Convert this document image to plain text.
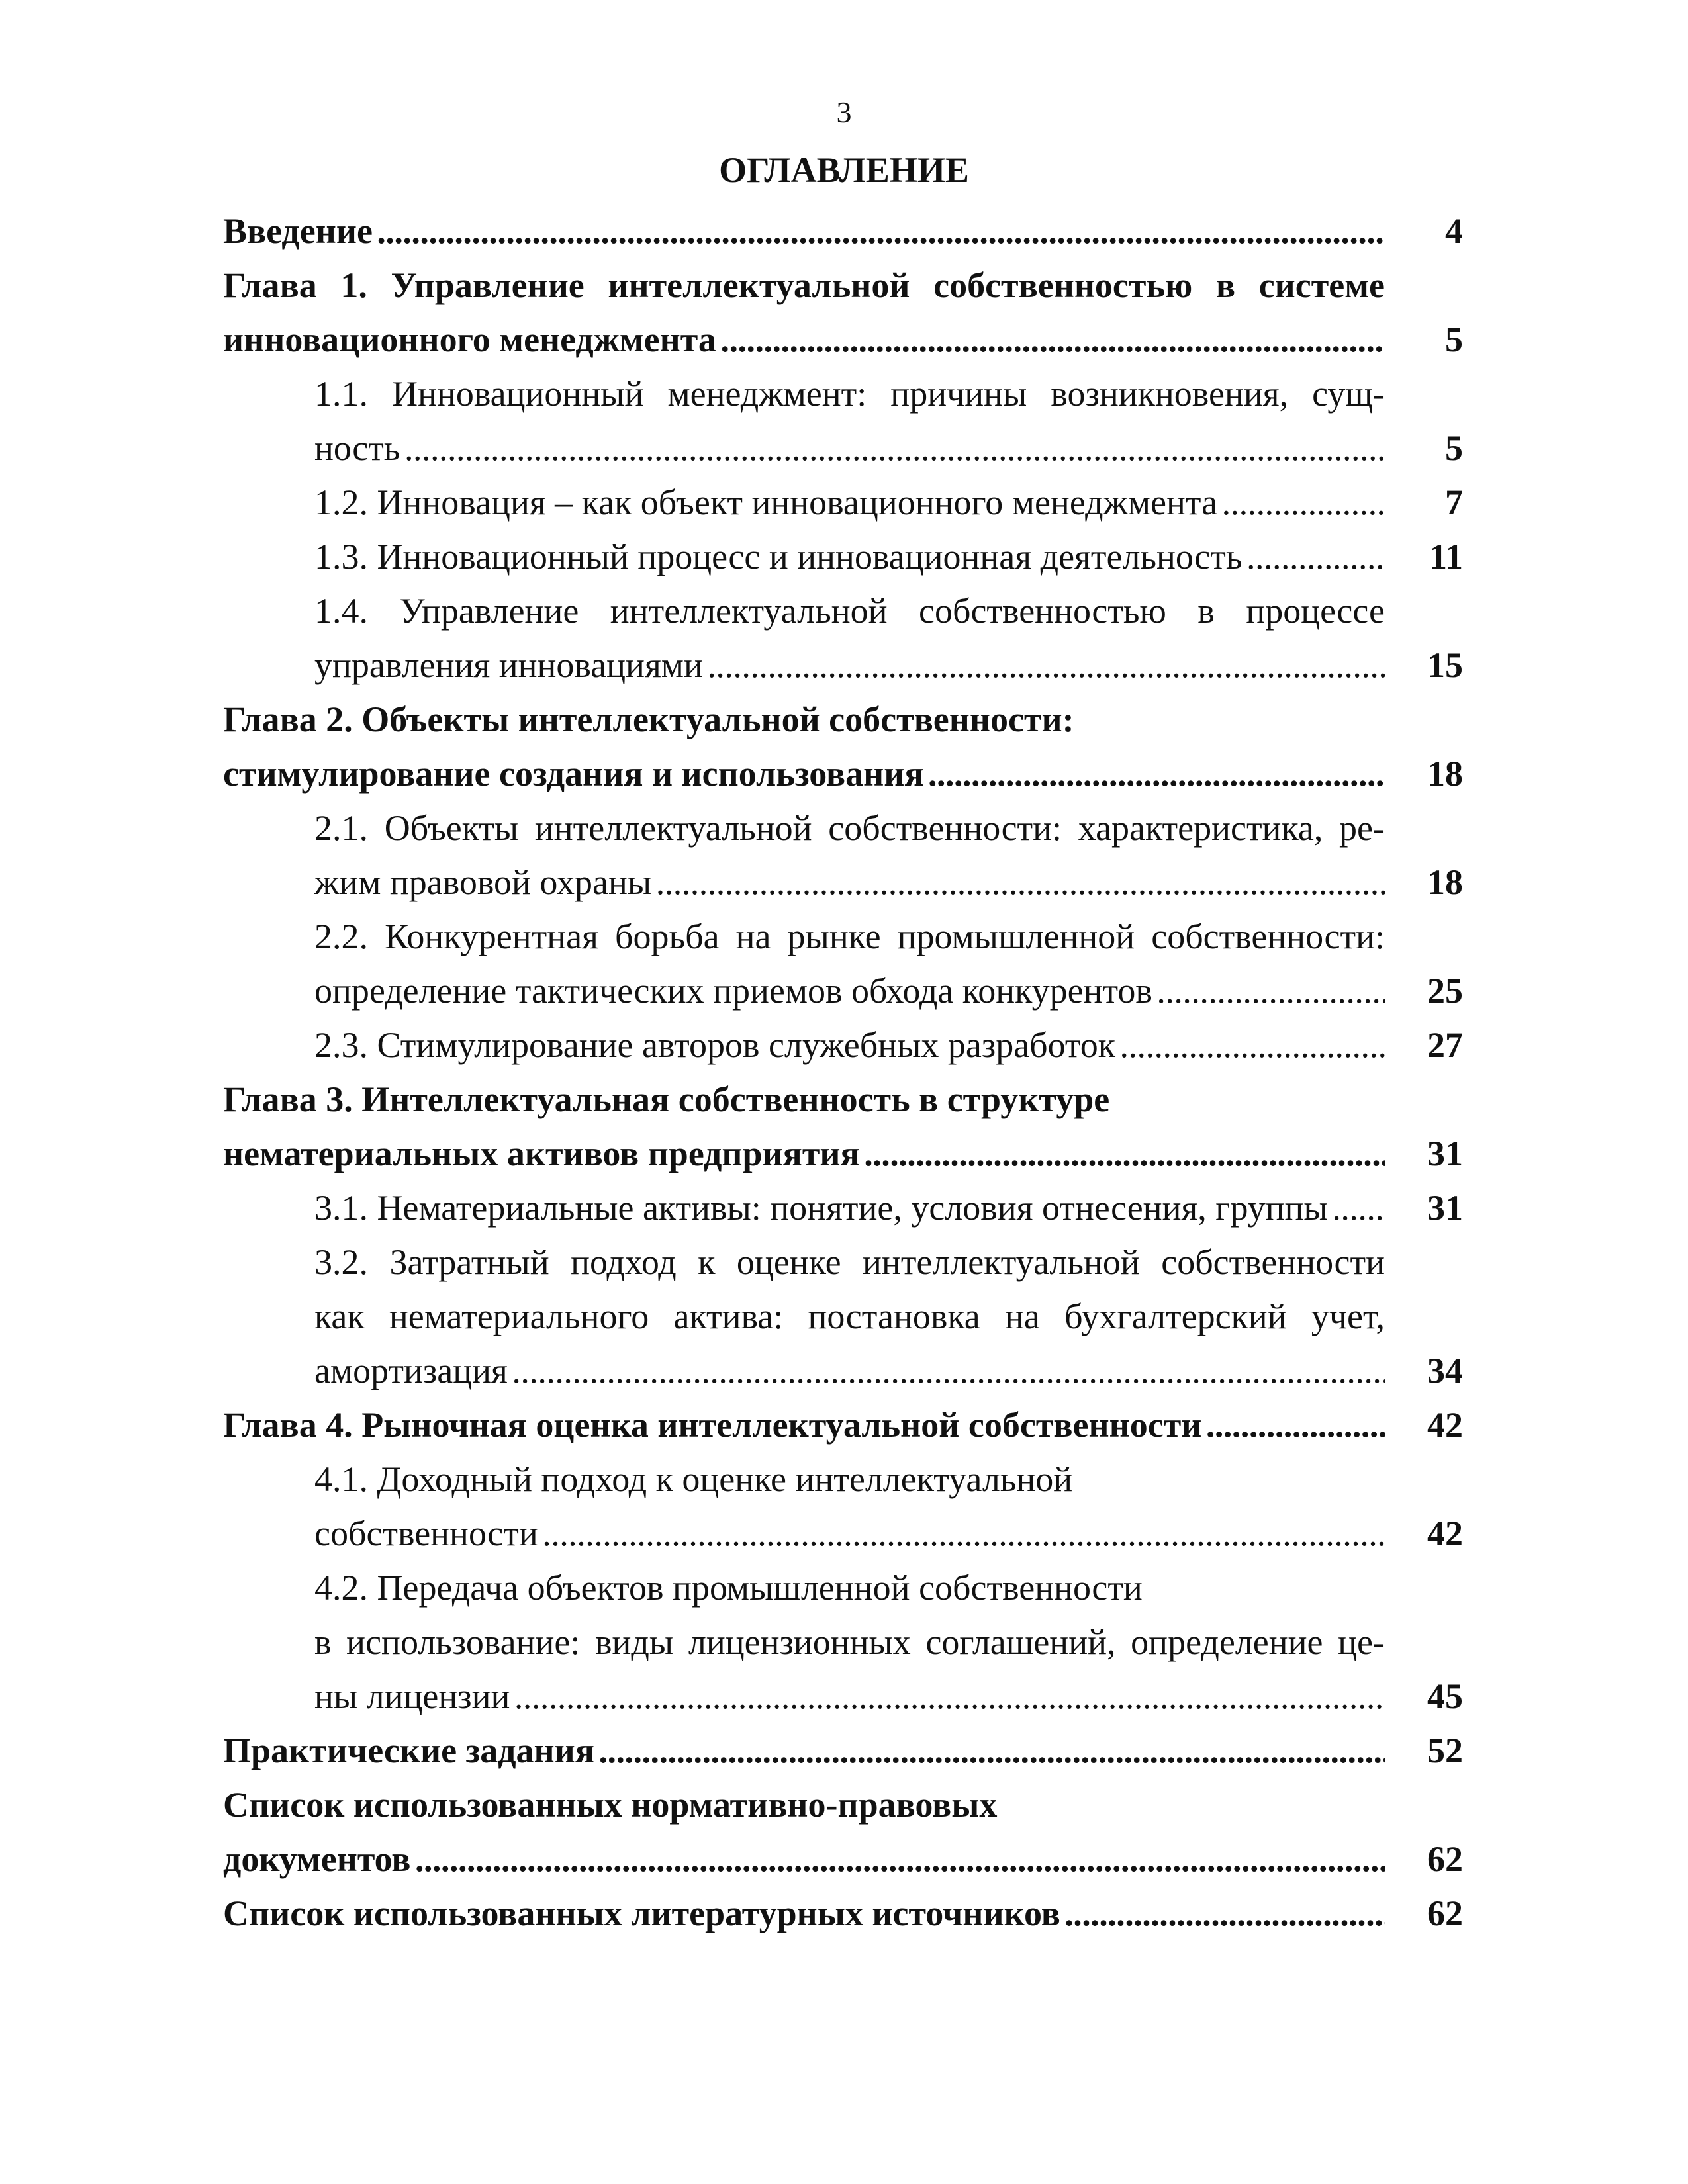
3
ОГЛАВЛЕНИЕ
Введение . . .	4
Глава 1. Управление интеллектуальной собственностью в системе
инновационного менеджмента . . .	5
1.1. Инновационный менеджмент: причины возникновения, сущ-
ность . . .	5
1.2. Инновация – как объект инновационного менеджмента . . .	7
1.3. Инновационный процесс и инновационная деятельность . . .	11
1.4. Управление интеллектуальной собственностью в процессе
управления инновациями . . .	15
Глава 2. Объекты интеллектуальной собственности:
стимулирование создания и использования . . .	18
2.1. Объекты интеллектуальной собственности: характеристика, ре-
жим правовой охраны . . .	18
2.2. Конкурентная борьба на рынке промышленной собственности:
определение тактических приемов обхода конкурентов . . .	25
2.3. Стимулирование авторов служебных разработок . . .	27
Глава 3. Интеллектуальная собственность в структуре
нематериальных активов предприятия . . .	31
3.1. Нематериальные активы: понятие, условия отнесения, группы . . .	31
3.2. Затратный подход к оценке интеллектуальной собственности
как нематериального актива: постановка на бухгалтерский учет,
амортизация . . .	34
Глава 4. Рыночная оценка интеллектуальной собственности . . .	42
4.1. Доходный подход к оценке интеллектуальной
собственности . . .	42
4.2. Передача объектов промышленной собственности
в использование: виды лицензионных соглашений, определение це-
ны лицензии . . .	45
Практические задания . . .	52
Список использованных нормативно-правовых
документов . . .	62
Список использованных литературных источников . . .	62
